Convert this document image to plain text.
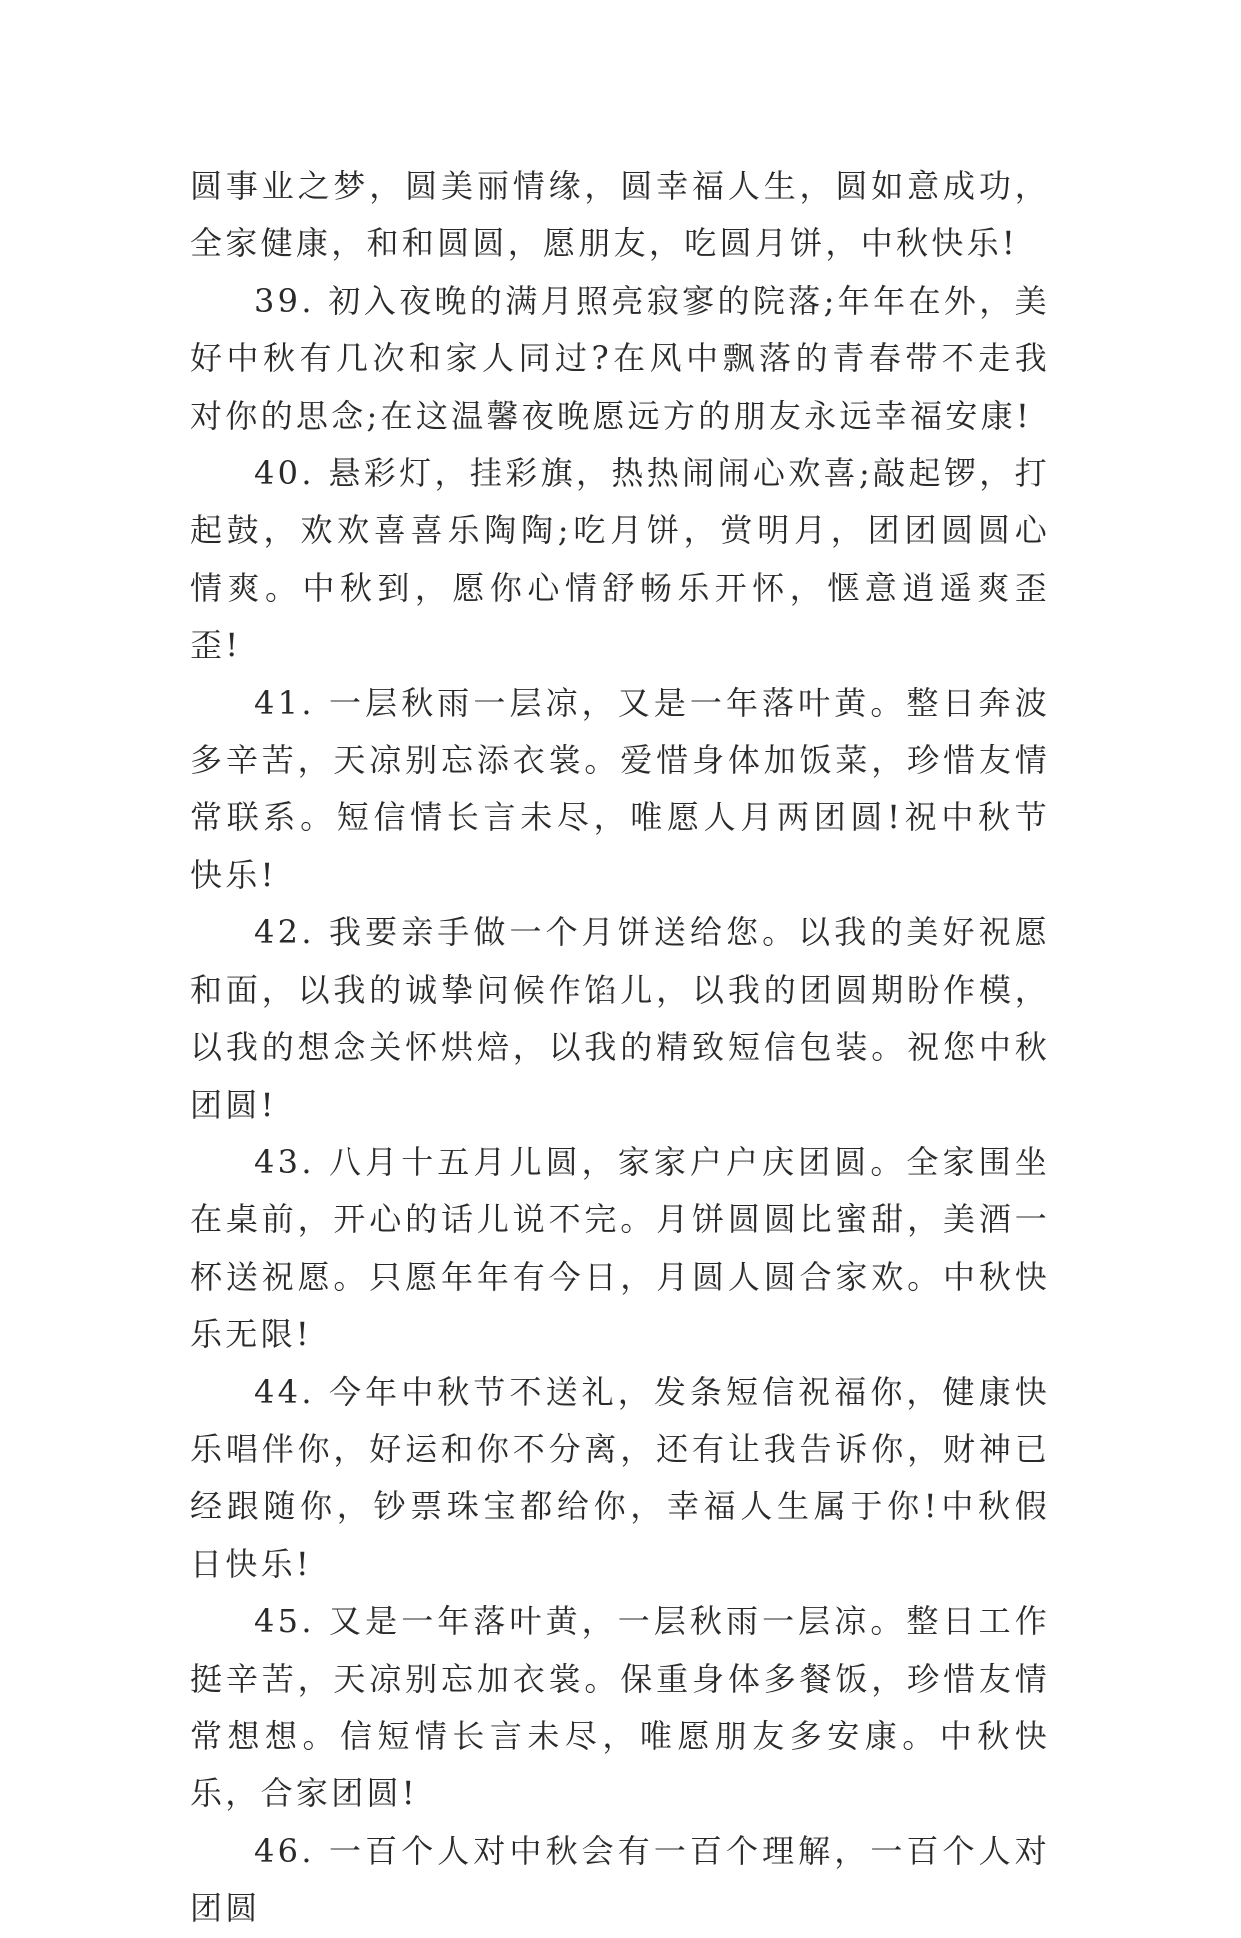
圆事业之梦，圆美丽情缘，圆幸福人生，圆如意成功，全家健康，和和圆圆，愿朋友，吃圆月饼，中秋快乐!

39. 初入夜晚的满月照亮寂寥的院落;年年在外，美好中秋有几次和家人同过?在风中飘落的青春带不走我对你的思念;在这温馨夜晚愿远方的朋友永远幸福安康!

40. 悬彩灯，挂彩旗，热热闹闹心欢喜;敲起锣，打起鼓，欢欢喜喜乐陶陶;吃月饼，赏明月，团团圆圆心情爽。中秋到，愿你心情舒畅乐开怀，惬意逍遥爽歪歪!

41. 一层秋雨一层凉，又是一年落叶黄。整日奔波多辛苦，天凉别忘添衣裳。爱惜身体加饭菜，珍惜友情常联系。短信情长言未尽，唯愿人月两团圆!祝中秋节快乐!

42. 我要亲手做一个月饼送给您。以我的美好祝愿和面，以我的诚挚问候作馅儿，以我的团圆期盼作模，以我的想念关怀烘焙，以我的精致短信包装。祝您中秋团圆!

43. 八月十五月儿圆，家家户户庆团圆。全家围坐在桌前，开心的话儿说不完。月饼圆圆比蜜甜，美酒一杯送祝愿。只愿年年有今日，月圆人圆合家欢。中秋快乐无限!

44. 今年中秋节不送礼，发条短信祝福你，健康快乐唱伴你，好运和你不分离，还有让我告诉你，财神已经跟随你，钞票珠宝都给你，幸福人生属于你!中秋假日快乐!

45. 又是一年落叶黄，一层秋雨一层凉。整日工作挺辛苦，天凉别忘加衣裳。保重身体多餐饭，珍惜友情常想想。信短情长言未尽，唯愿朋友多安康。中秋快乐，合家团圆!

46. 一百个人对中秋会有一百个理解，一百个人对团圆
